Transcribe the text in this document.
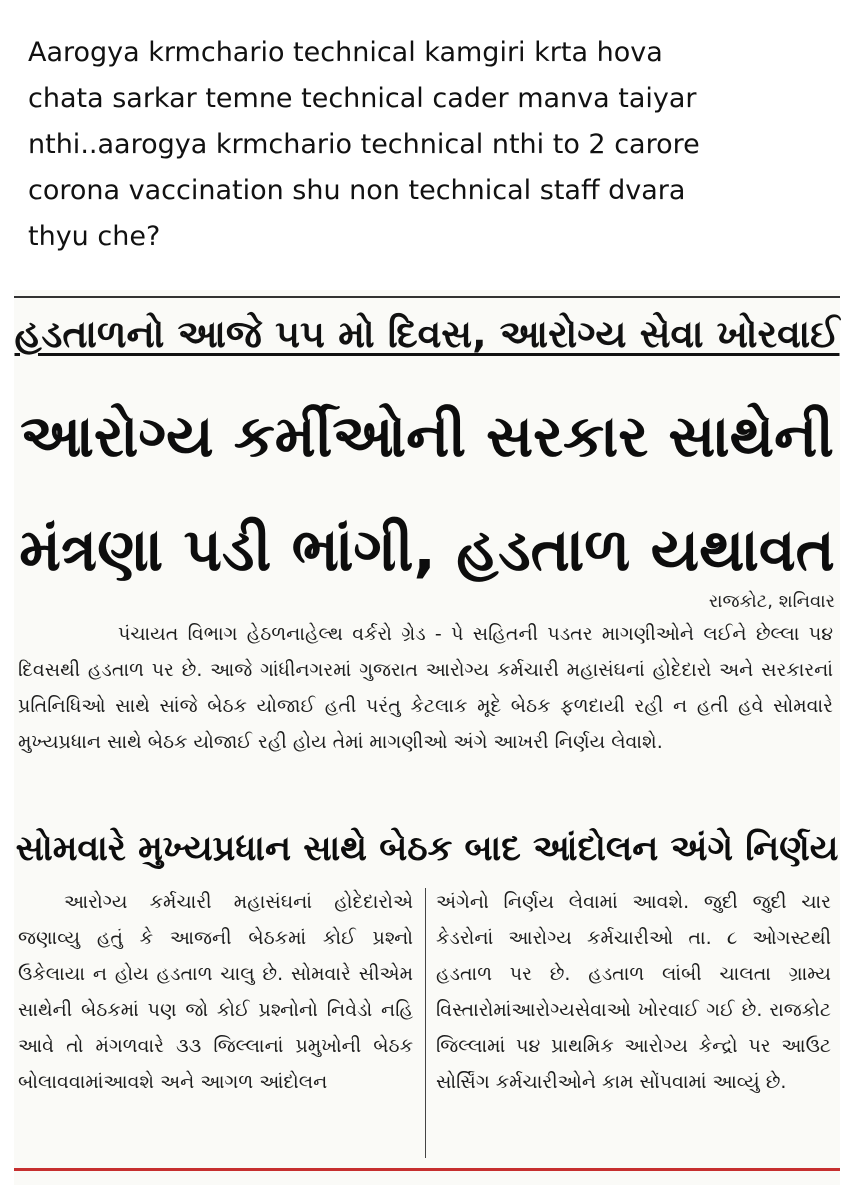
Aarogya krmchario technical kamgiri krta hova
chata sarkar temne technical cader manva taiyar
nthi..aarogya krmchario technical nthi to 2 carore
corona vaccination shu non technical staff dvara
thyu che?
હડતાળનો આજે ૫૫ મો દિવસ, આરોગ્ય સેવા ખોરવાઈ
આરોગ્ય કર્મીઓની સરકાર સાથેની
મંત્રણા પડી ભાંગી, હડતાળ યથાવત
રાજકોટ, શનિવાર
પંચાયત વિભાગ હેઠળનાહેલ્થ વર્કરો ગ્રેડ - પે સહિતની પડતર માગણીઓને લઈને છેલ્લા ૫૪ દિવસથી હડતાળ પર છે. આજે ગાંધીનગરમાં ગુજરાત આરોગ્ય કર્મચારી મહાસંઘનાં હોદેદારો અને સરકારનાં પ્રતિનિધિઓ સાથે સાંજે બેઠક યોજાઈ હતી પરંતુ કેટલાક મૂદે બેઠક ફળદાયી રહી ન હતી હવે સોમવારે મુખ્યપ્રધાન સાથે બેઠક યોજાઈ રહી હોય તેમાં માગણીઓ અંગે આખરી નિર્ણય લેવાશે.
સોમવારે મુખ્યપ્રધાન સાથે બેઠક બાદ આંદોલન અંગે નિર્ણય
આરોગ્ય કર્મચારી મહાસંઘનાં હોદેદારોએ જણાવ્યુ હતું કે આજની બેઠકમાં કોઈ પ્રશ્નો ઉકેલાયા ન હોય હડતાળ ચાલુ છે. સોમવારે સીએમ સાથેની બેઠકમાં પણ જો કોઈ પ્રશ્નોનો નિવેડો નહિ આવે તો મંગળવારે ૩૩ જિલ્લાનાં પ્રમુખોની બેઠક બોલાવવામાંઆવશે અને આગળ આંદોલન
અંગેનો નિર્ણય લેવામાં આવશે. જુદી જુદી ચાર કેડરોનાં આરોગ્ય કર્મચારીઓ તા. ૮ ઓગસ્ટથી હડતાળ પર છે. હડતાળ લાંબી ચાલતા ગ્રામ્ય વિસ્તારોમાંઆરોગ્યસેવાઓ ખોરવાઈ ગઈ છે. રાજકોટ જિલ્લામાં ૫૪ પ્રાથમિક આરોગ્ય કેન્દ્રો પર આઉટ સોર્સિંગ કર્મચારીઓને કામ સોંપવામાં આવ્યું છે.
